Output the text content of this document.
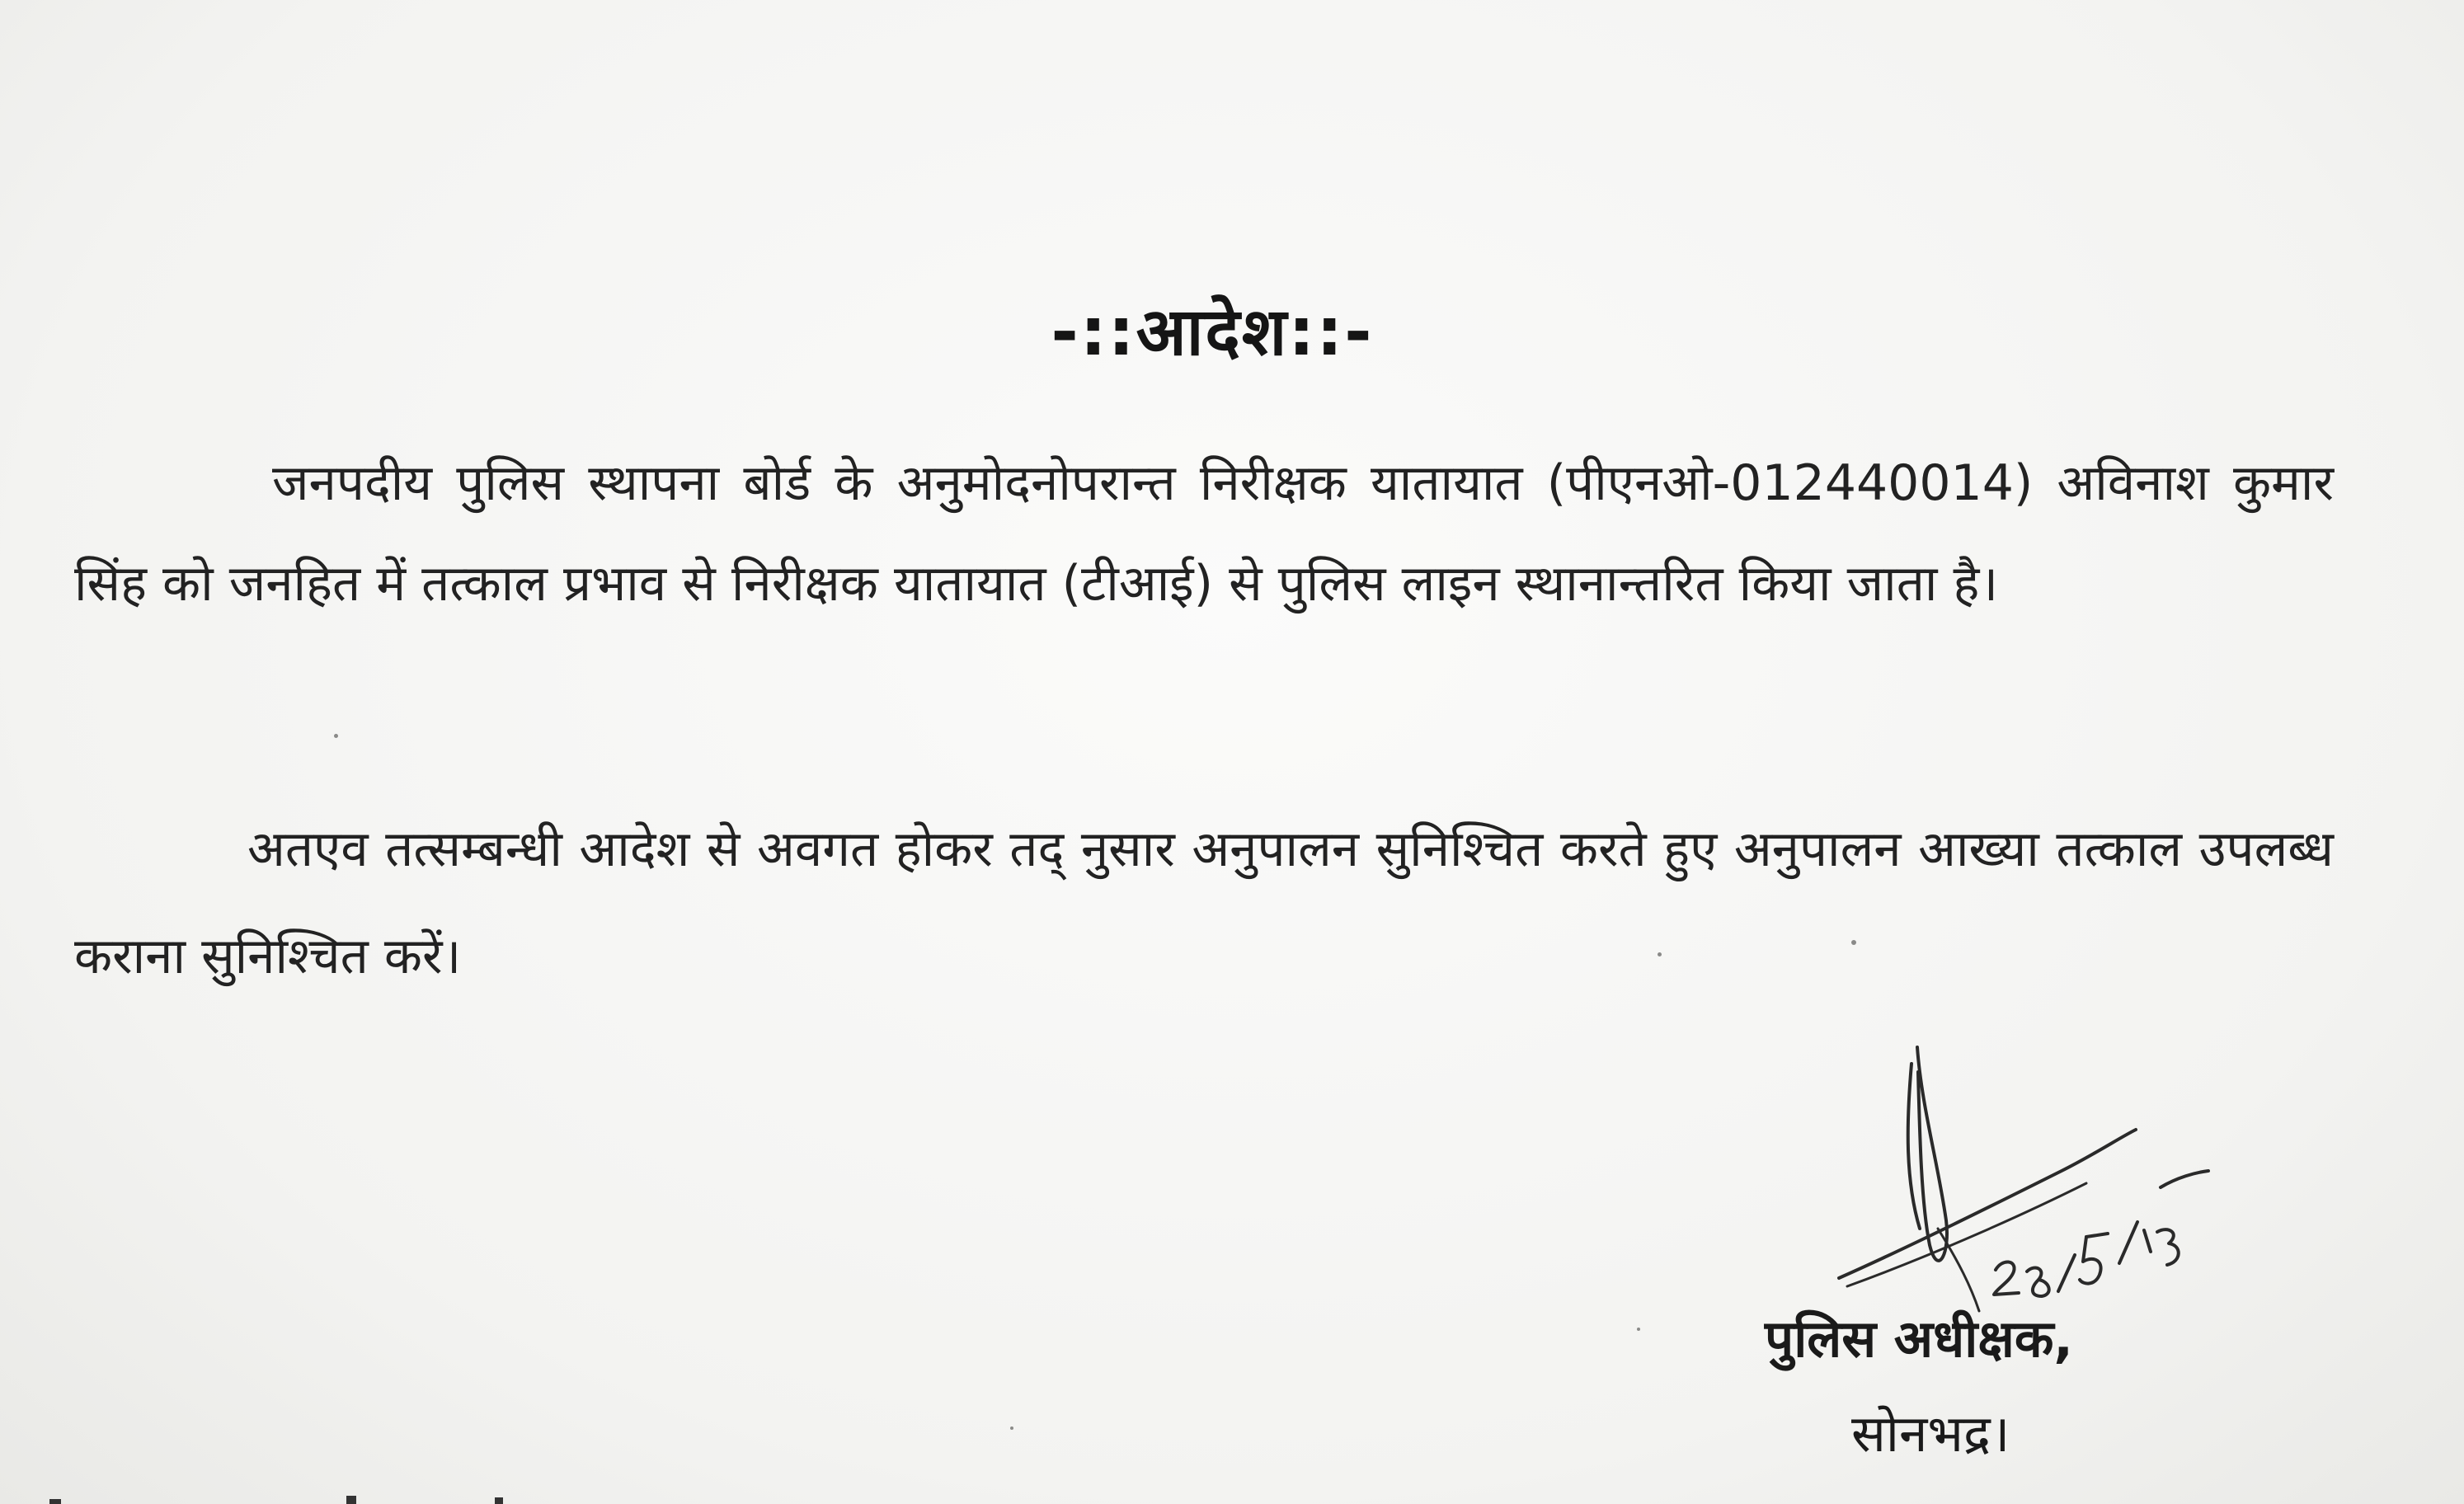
-::आदेश::-

जनपदीय पुलिस स्थापना बोर्ड के अनुमोदनोपरान्त निरीक्षक यातायात (पीएनओ-012440014) अविनाश कुमार सिंह को जनहित में तत्काल प्रभाव से निरीक्षक यातायात (टीआई) से पुलिस लाइन स्थानान्तरित किया जाता है।

अतएव तत्सम्बन्धी आदेश से अवगत होकर तद् नुसार अनुपालन सुनिश्चित करते हुए अनुपालन आख्या तत्काल उपलब्ध कराना सुनिश्चित करें।

पुलिस अधीक्षक,
सोनभद्र।
